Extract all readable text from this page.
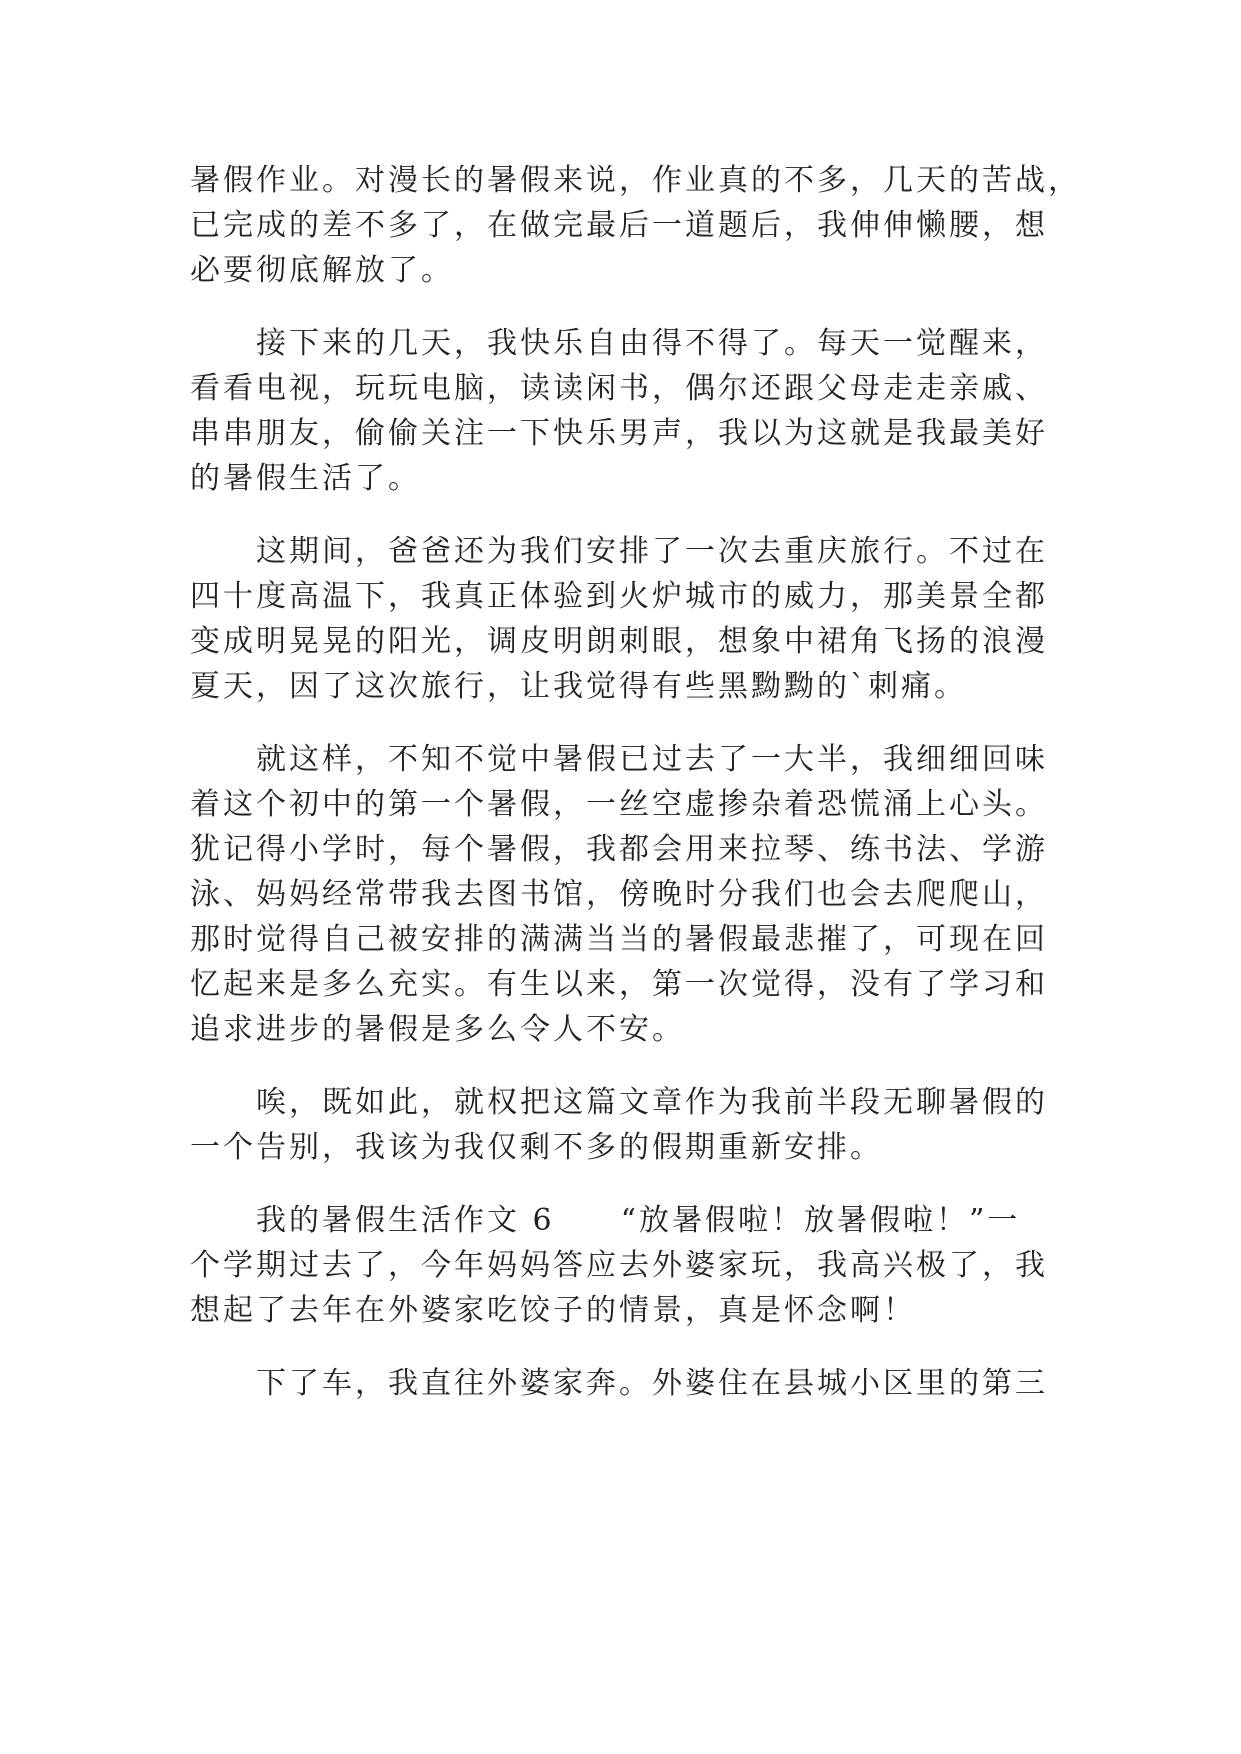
暑假作业。对漫长的暑假来说，作业真的不多，几天的苦战，
已完成的差不多了，在做完最后一道题后，我伸伸懒腰，想
必要彻底解放了。
接下来的几天，我快乐自由得不得了。每天一觉醒来，
看看电视，玩玩电脑，读读闲书，偶尔还跟父母走走亲戚、
串串朋友，偷偷关注一下快乐男声，我以为这就是我最美好
的暑假生活了。
这期间，爸爸还为我们安排了一次去重庆旅行。不过在
四十度高温下，我真正体验到火炉城市的威力，那美景全都
变成明晃晃的阳光，调皮明朗刺眼，想象中裙角飞扬的浪漫
夏天，因了这次旅行，让我觉得有些黑黝黝的`刺痛。
就这样，不知不觉中暑假已过去了一大半，我细细回味
着这个初中的第一个暑假，一丝空虚掺杂着恐慌涌上心头。
犹记得小学时，每个暑假，我都会用来拉琴、练书法、学游
泳、妈妈经常带我去图书馆，傍晚时分我们也会去爬爬山，
那时觉得自己被安排的满满当当的暑假最悲摧了，可现在回
忆起来是多么充实。有生以来，第一次觉得，没有了学习和
追求进步的暑假是多么令人不安。
唉，既如此，就权把这篇文章作为我前半段无聊暑假的
一个告别，我该为我仅剩不多的假期重新安排。
我的暑假生活作文 6　　“放暑假啦！放暑假啦！”一
个学期过去了，今年妈妈答应去外婆家玩，我高兴极了，我
想起了去年在外婆家吃饺子的情景，真是怀念啊！
下了车，我直往外婆家奔。外婆住在县城小区里的第三
